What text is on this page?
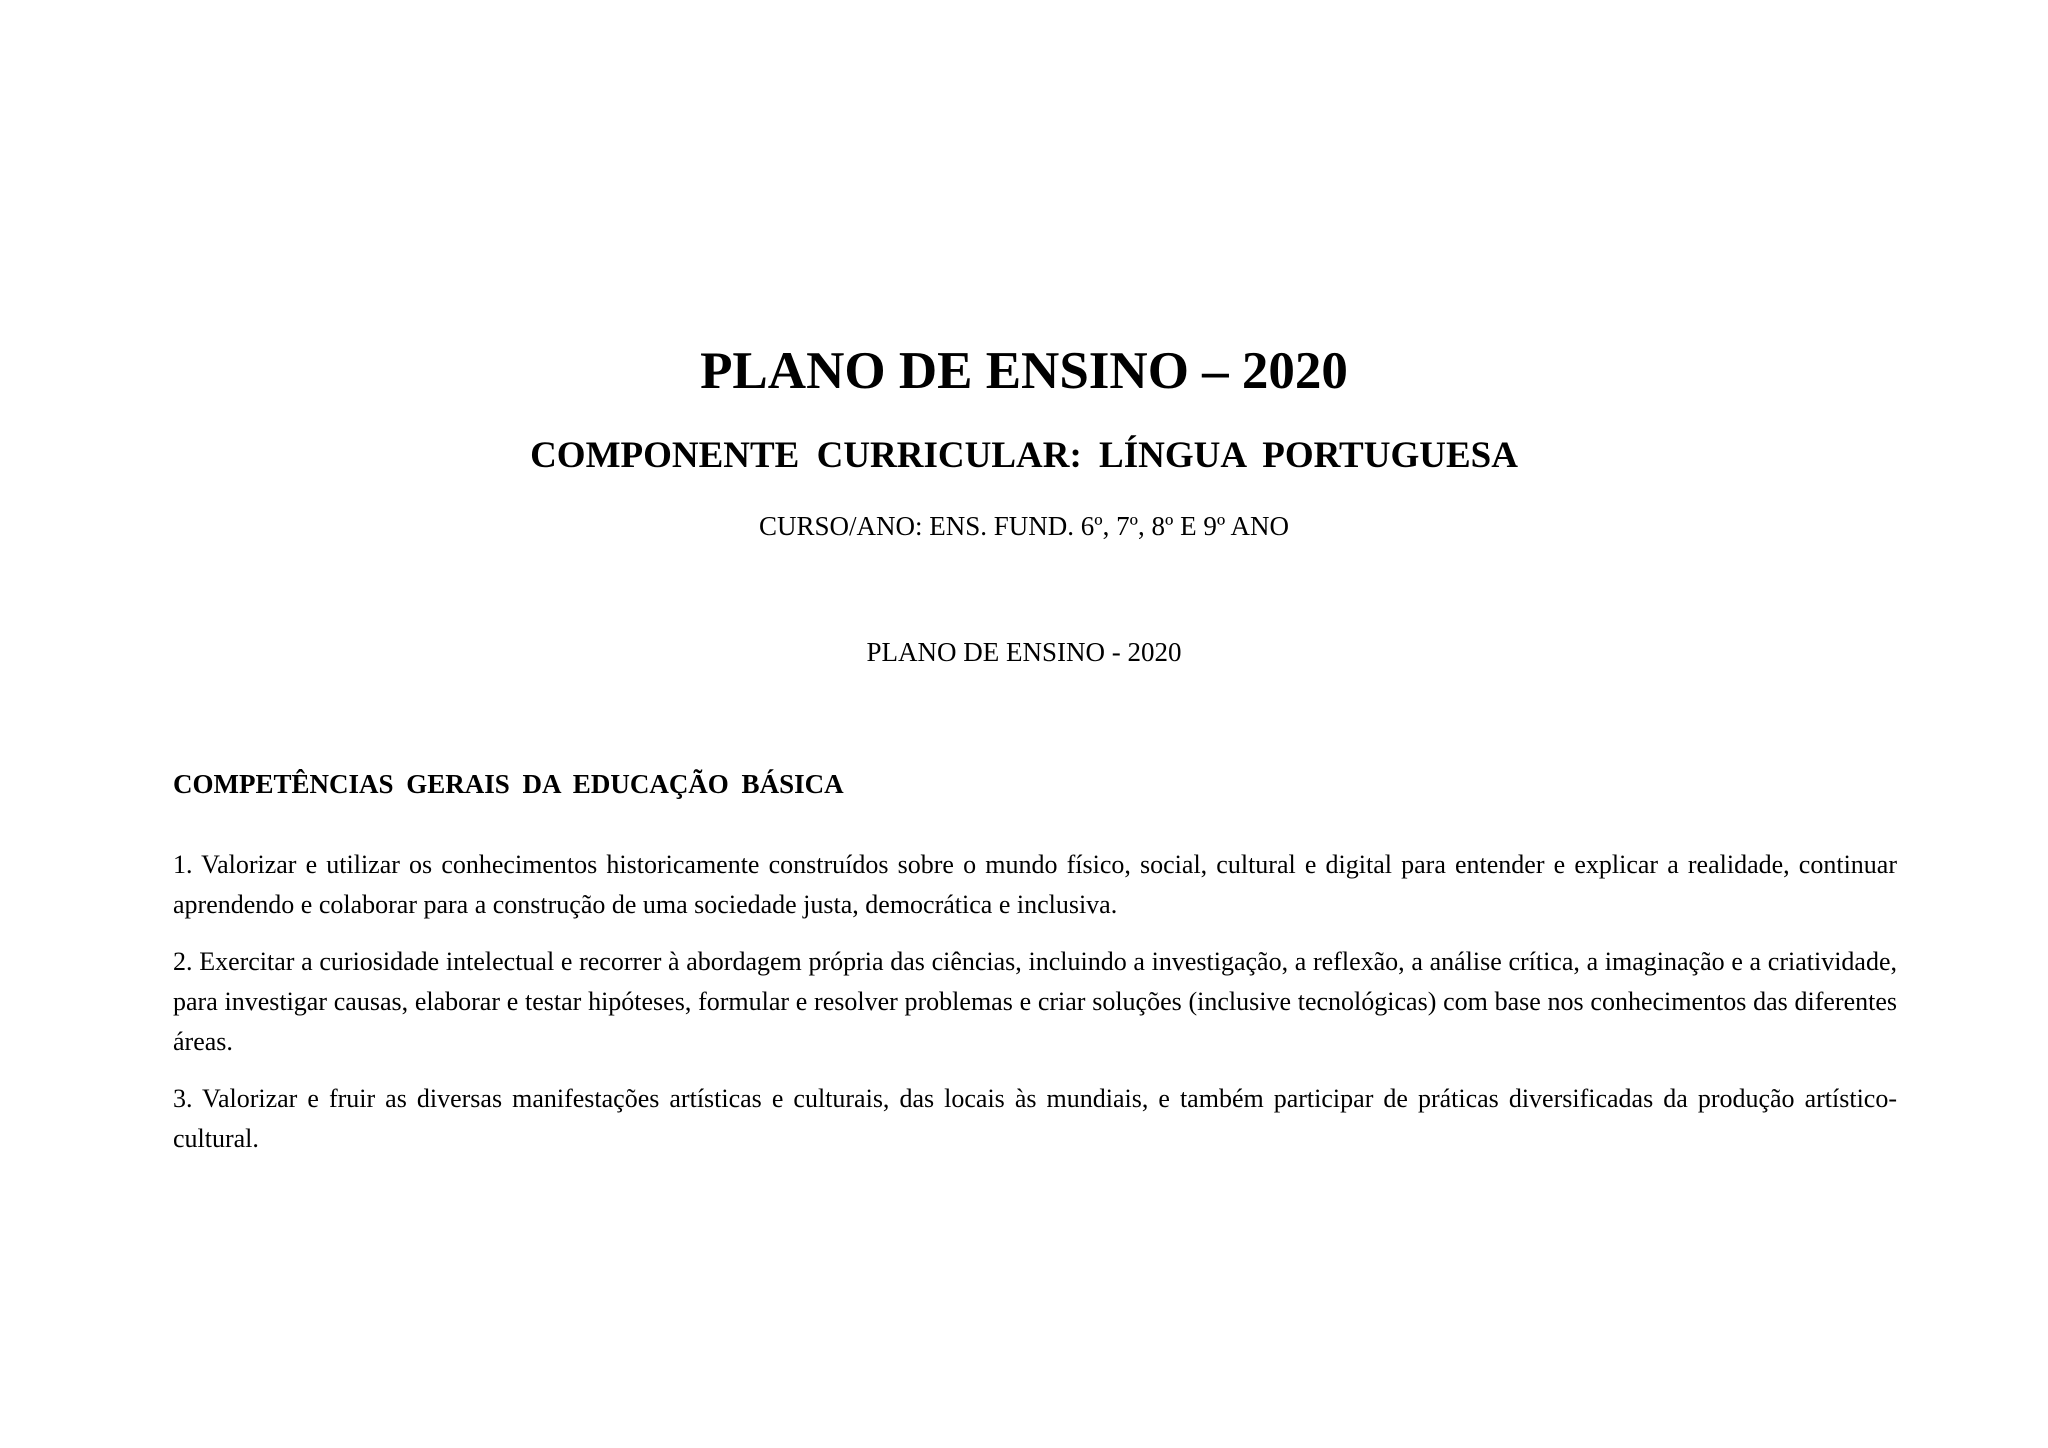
PLANO DE ENSINO – 2020
COMPONENTE CURRICULAR: LÍNGUA PORTUGUESA
CURSO/ANO: ENS. FUND. 6º, 7º, 8º E 9º ANO
PLANO DE ENSINO - 2020
COMPETÊNCIAS GERAIS DA EDUCAÇÃO BÁSICA

1. Valorizar e utilizar os conhecimentos historicamente construídos sobre o mundo físico, social, cultural e digital para entender e explicar a realidade, continuar aprendendo e colaborar para a construção de uma sociedade justa, democrática e inclusiva.

2. Exercitar a curiosidade intelectual e recorrer à abordagem própria das ciências, incluindo a investigação, a reflexão, a análise crítica, a imaginação e a criatividade, para investigar causas, elaborar e testar hipóteses, formular e resolver problemas e criar soluções (inclusive tecnológicas) com base nos conhecimentos das diferentes áreas.

3. Valorizar e fruir as diversas manifestações artísticas e culturais, das locais às mundiais, e também participar de práticas diversificadas da produção artístico-cultural.
